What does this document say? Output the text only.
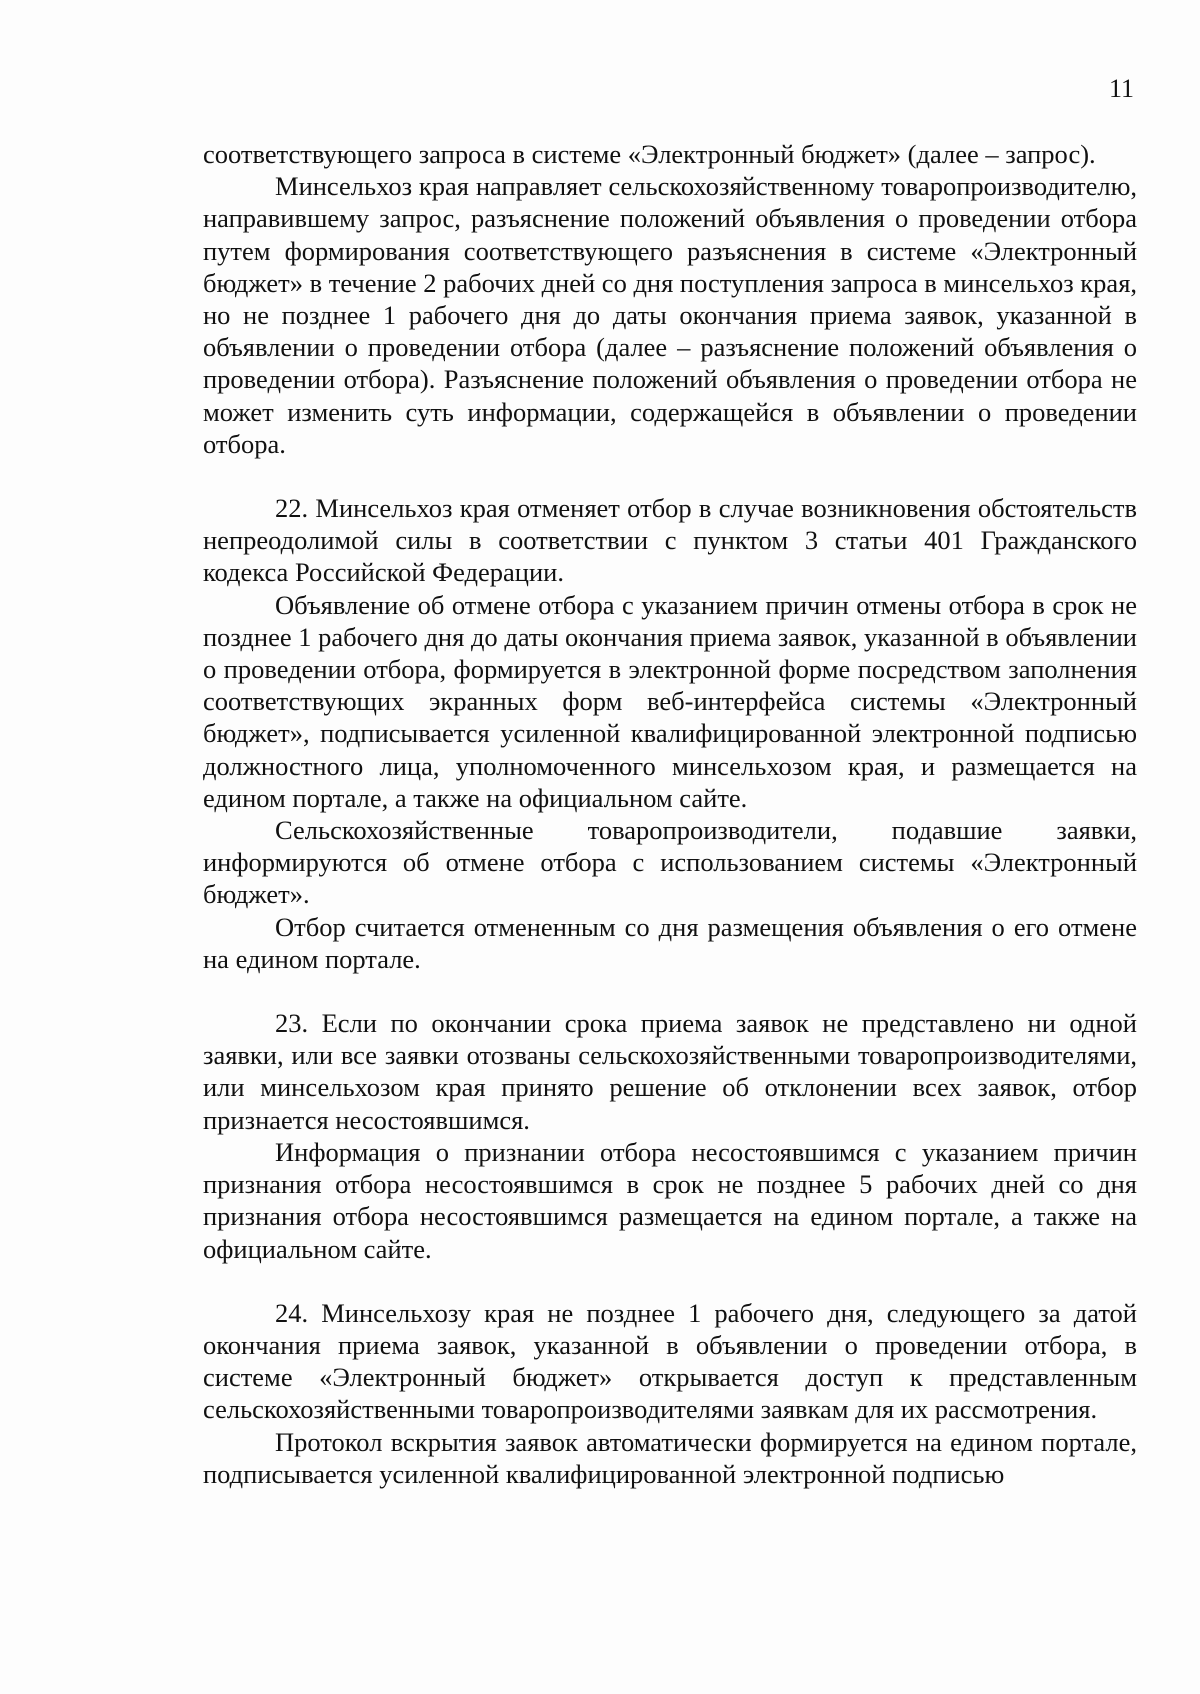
11

соответствующего запроса в системе «Электронный бюджет» (далее – запрос).

Минсельхоз края направляет сельскохозяйственному товаропроизводителю, направившему запрос, разъяснение положений объявления о проведении отбора путем формирования соответствующего разъяснения в системе «Электронный бюджет» в течение 2 рабочих дней со дня поступления запроса в минсельхоз края, но не позднее 1 рабочего дня до даты окончания приема заявок, указанной в объявлении о проведении отбора (далее – разъяснение положений объявления о проведении отбора). Разъяснение положений объявления о проведении отбора не может изменить суть информации, содержащейся в объявлении о проведении отбора.

22. Минсельхоз края отменяет отбор в случае возникновения обстоятельств непреодолимой силы в соответствии с пунктом 3 статьи 401 Гражданского кодекса Российской Федерации.

Объявление об отмене отбора с указанием причин отмены отбора в срок не позднее 1 рабочего дня до даты окончания приема заявок, указанной в объявлении о проведении отбора, формируется в электронной форме посредством заполнения соответствующих экранных форм веб-интерфейса системы «Электронный бюджет», подписывается усиленной квалифицированной электронной подписью должностного лица, уполномоченного минсельхозом края, и размещается на едином портале, а также на официальном сайте.

Сельскохозяйственные товаропроизводители, подавшие заявки, информируются об отмене отбора с использованием системы «Электронный бюджет».

Отбор считается отмененным со дня размещения объявления о его отмене на едином портале.

23. Если по окончании срока приема заявок не представлено ни одной заявки, или все заявки отозваны сельскохозяйственными товаропроизводителями, или минсельхозом края принято решение об отклонении всех заявок, отбор признается несостоявшимся.

Информация о признании отбора несостоявшимся с указанием причин признания отбора несостоявшимся в срок не позднее 5 рабочих дней со дня признания отбора несостоявшимся размещается на едином портале, а также на официальном сайте.

24. Минсельхозу края не позднее 1 рабочего дня, следующего за датой окончания приема заявок, указанной в объявлении о проведении отбора, в системе «Электронный бюджет» открывается доступ к представленным сельскохозяйственными товаропроизводителями заявкам для их рассмотрения.

Протокол вскрытия заявок автоматически формируется на едином портале, подписывается усиленной квалифицированной электронной подписью
